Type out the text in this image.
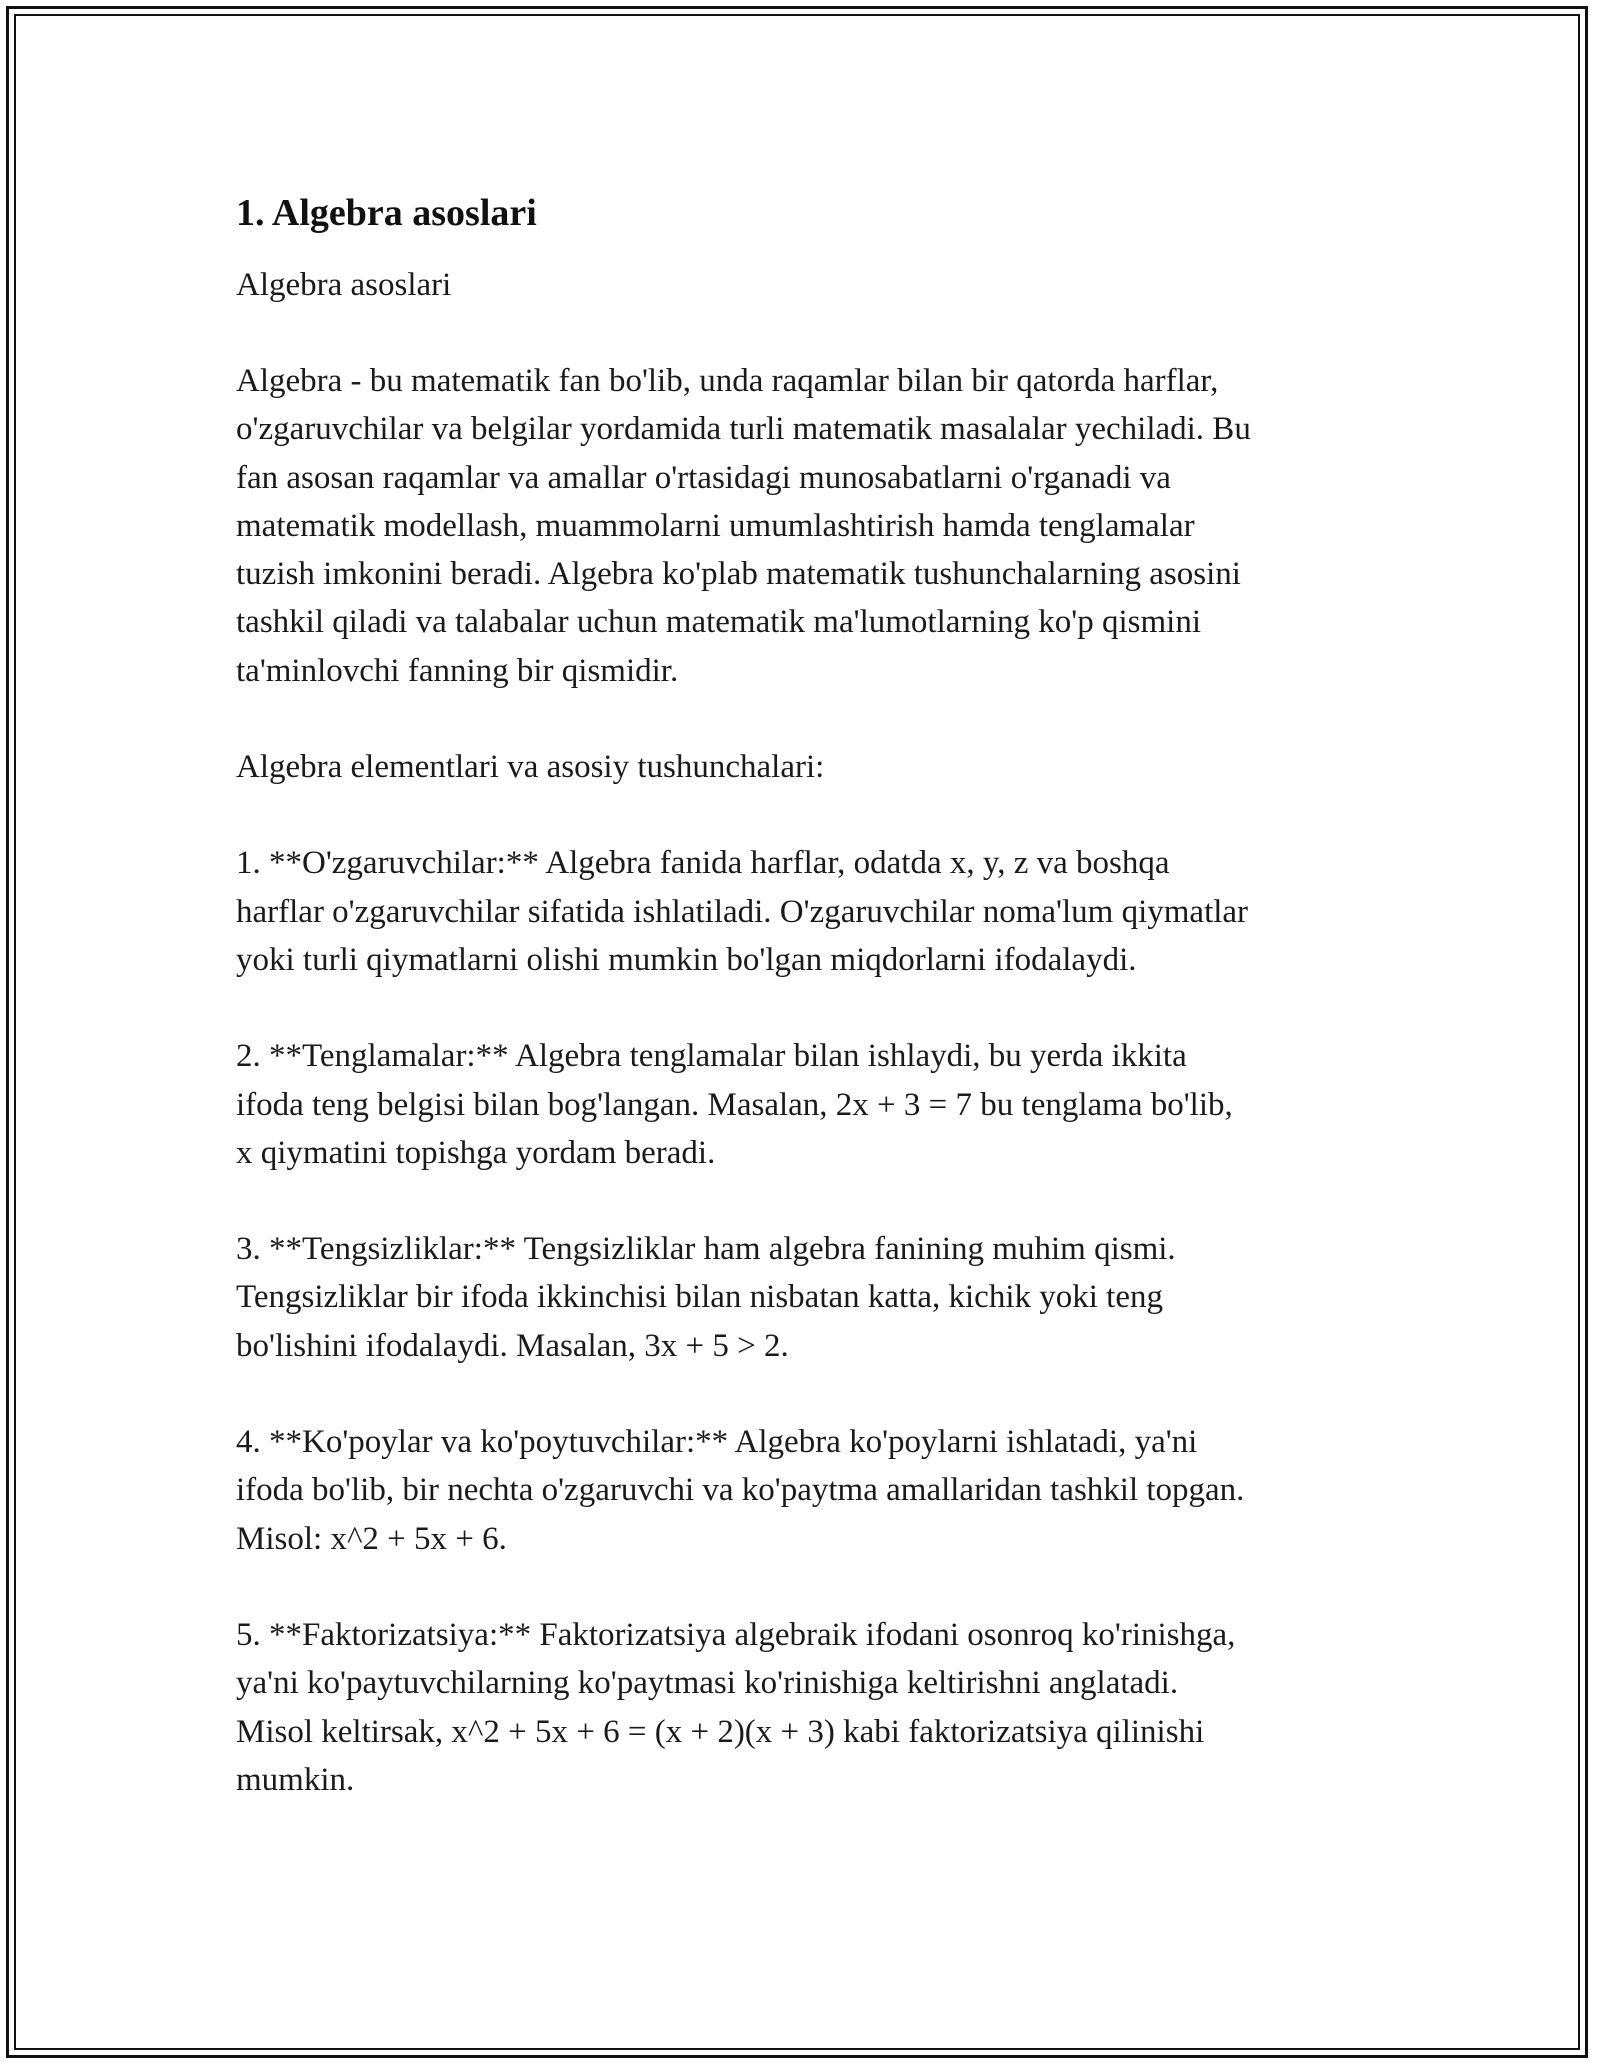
1. Algebra asoslari

Algebra asoslari

Algebra - bu matematik fan bo'lib, unda raqamlar bilan bir qatorda harflar,
o'zgaruvchilar va belgilar yordamida turli matematik masalalar yechiladi. Bu
fan asosan raqamlar va amallar o'rtasidagi munosabatlarni o'rganadi va
matematik modellash, muammolarni umumlashtirish hamda tenglamalar
tuzish imkonini beradi. Algebra ko'plab matematik tushunchalarning asosini
tashkil qiladi va talabalar uchun matematik ma'lumotlarning ko'p qismini
ta'minlovchi fanning bir qismidir.

Algebra elementlari va asosiy tushunchalari:

1. **O'zgaruvchilar:** Algebra fanida harflar, odatda x, y, z va boshqa
harflar o'zgaruvchilar sifatida ishlatiladi. O'zgaruvchilar noma'lum qiymatlar
yoki turli qiymatlarni olishi mumkin bo'lgan miqdorlarni ifodalaydi.

2. **Tenglamalar:** Algebra tenglamalar bilan ishlaydi, bu yerda ikkita
ifoda teng belgisi bilan bog'langan. Masalan, 2x + 3 = 7 bu tenglama bo'lib,
x qiymatini topishga yordam beradi.

3. **Tengsizliklar:** Tengsizliklar ham algebra fanining muhim qismi.
Tengsizliklar bir ifoda ikkinchisi bilan nisbatan katta, kichik yoki teng
bo'lishini ifodalaydi. Masalan, 3x + 5 > 2.

4. **Ko'poylar va ko'poytuvchilar:** Algebra ko'poylarni ishlatadi, ya'ni
ifoda bo'lib, bir nechta o'zgaruvchi va ko'paytma amallaridan tashkil topgan.
Misol: x^2 + 5x + 6.

5. **Faktorizatsiya:** Faktorizatsiya algebraik ifodani osonroq ko'rinishga,
ya'ni ko'paytuvchilarning ko'paytmasi ko'rinishiga keltirishni anglatadi.
Misol keltirsak, x^2 + 5x + 6 = (x + 2)(x + 3) kabi faktorizatsiya qilinishi
mumkin.
